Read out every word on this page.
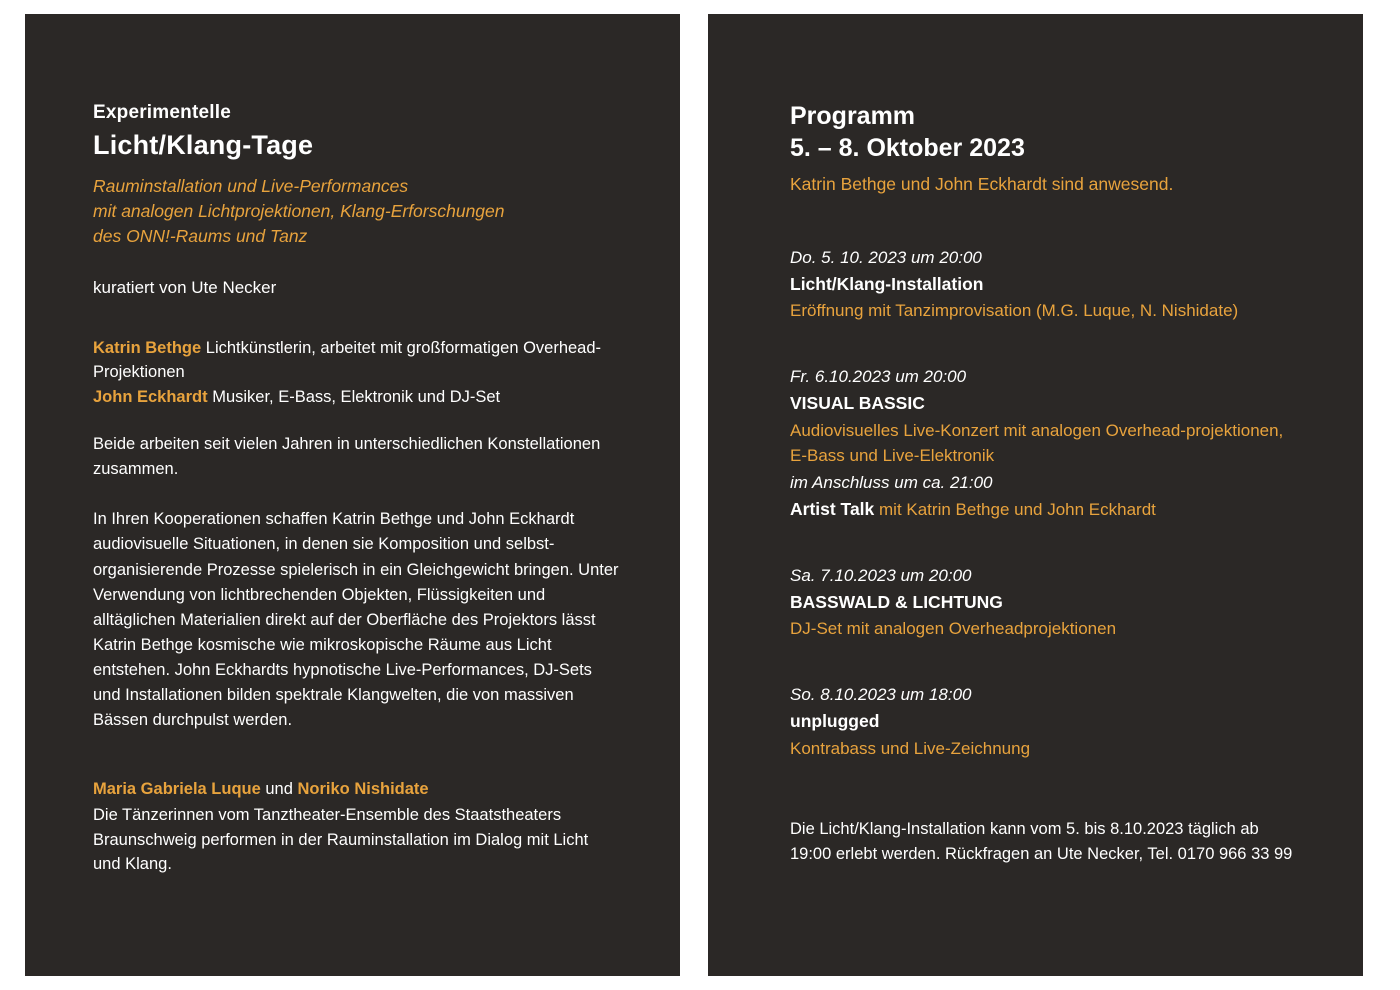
Experimentelle
Licht/Klang-Tage
Rauminstallation und Live-Performances
mit analogen Lichtprojektionen, Klang-Erforschungen
des ONN!-Raums und Tanz
kuratiert von Ute Necker
Katrin Bethge Lichtkünstlerin, arbeitet mit großformatigen Overhead-Projektionen
John Eckhardt Musiker, E-Bass, Elektronik und DJ-Set

Beide arbeiten seit vielen Jahren in unterschiedlichen Konstellationen zusammen.

In Ihren Kooperationen schaffen Katrin Bethge und John Eckhardt audiovisuelle Situationen, in denen sie Komposition und selbst-organisierende Prozesse spielerisch in ein Gleichgewicht bringen. Unter Verwendung von lichtbrechenden Objekten, Flüssigkeiten und alltäglichen Materialien direkt auf der Oberfläche des Projektors lässt Katrin Bethge kosmische wie mikroskopische Räume aus Licht entstehen. John Eckhardts hypnotische Live-Performances, DJ-Sets und Installationen bilden spektrale Klangwelten, die von massiven Bässen durchpulst werden.

Maria Gabriela Luque und Noriko Nishidate
Die Tänzerinnen vom Tanztheater-Ensemble des Staatstheaters Braunschweig performen in der Rauminstallation im Dialog mit Licht und Klang.
Programm
5. – 8. Oktober 2023
Katrin Bethge und John Eckhardt sind anwesend.
Do. 5. 10. 2023 um 20:00
Licht/Klang-Installation
Eröffnung mit Tanzimprovisation (M.G. Luque, N. Nishidate)
Fr. 6.10.2023 um 20:00
VISUAL BASSIC
Audiovisuelles Live-Konzert mit analogen Overhead-projektionen, E-Bass und Live-Elektronik
im Anschluss um ca. 21:00
Artist Talk mit Katrin Bethge und John Eckhardt
Sa. 7.10.2023 um 20:00
BASSWALD & LICHTUNG
DJ-Set mit analogen Overheadprojektionen
So. 8.10.2023 um 18:00
unplugged
Kontrabass und Live-Zeichnung
Die Licht/Klang-Installation kann vom 5. bis 8.10.2023 täglich ab 19:00 erlebt werden. Rückfragen an Ute Necker, Tel. 0170 966 33 99
